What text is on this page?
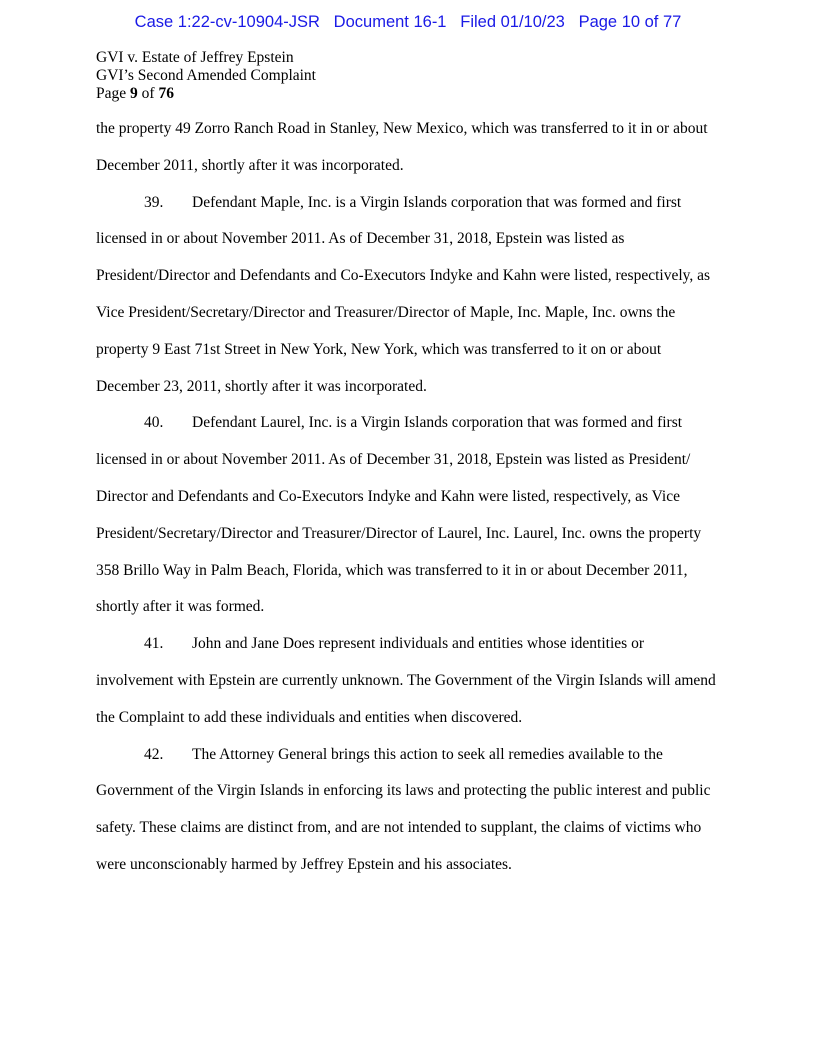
Case 1:22-cv-10904-JSR   Document 16-1   Filed 01/10/23   Page 10 of 77
GVI v. Estate of Jeffrey Epstein
GVI’s Second Amended Complaint
Page 9 of 76

the property 49 Zorro Ranch Road in Stanley, New Mexico, which was transferred to it in or about December 2011, shortly after it was incorporated.

39. Defendant Maple, Inc. is a Virgin Islands corporation that was formed and first licensed in or about November 2011. As of December 31, 2018, Epstein was listed as President/Director and Defendants and Co-Executors Indyke and Kahn were listed, respectively, as Vice President/Secretary/Director and Treasurer/Director of Maple, Inc. Maple, Inc. owns the property 9 East 71st Street in New York, New York, which was transferred to it on or about December 23, 2011, shortly after it was incorporated.

40. Defendant Laurel, Inc. is a Virgin Islands corporation that was formed and first licensed in or about November 2011. As of December 31, 2018, Epstein was listed as President/ Director and Defendants and Co-Executors Indyke and Kahn were listed, respectively, as Vice President/Secretary/Director and Treasurer/Director of Laurel, Inc. Laurel, Inc. owns the property 358 Brillo Way in Palm Beach, Florida, which was transferred to it in or about December 2011, shortly after it was formed.

41. John and Jane Does represent individuals and entities whose identities or involvement with Epstein are currently unknown. The Government of the Virgin Islands will amend the Complaint to add these individuals and entities when discovered.

42. The Attorney General brings this action to seek all remedies available to the Government of the Virgin Islands in enforcing its laws and protecting the public interest and public safety. These claims are distinct from, and are not intended to supplant, the claims of victims who were unconscionably harmed by Jeffrey Epstein and his associates.
